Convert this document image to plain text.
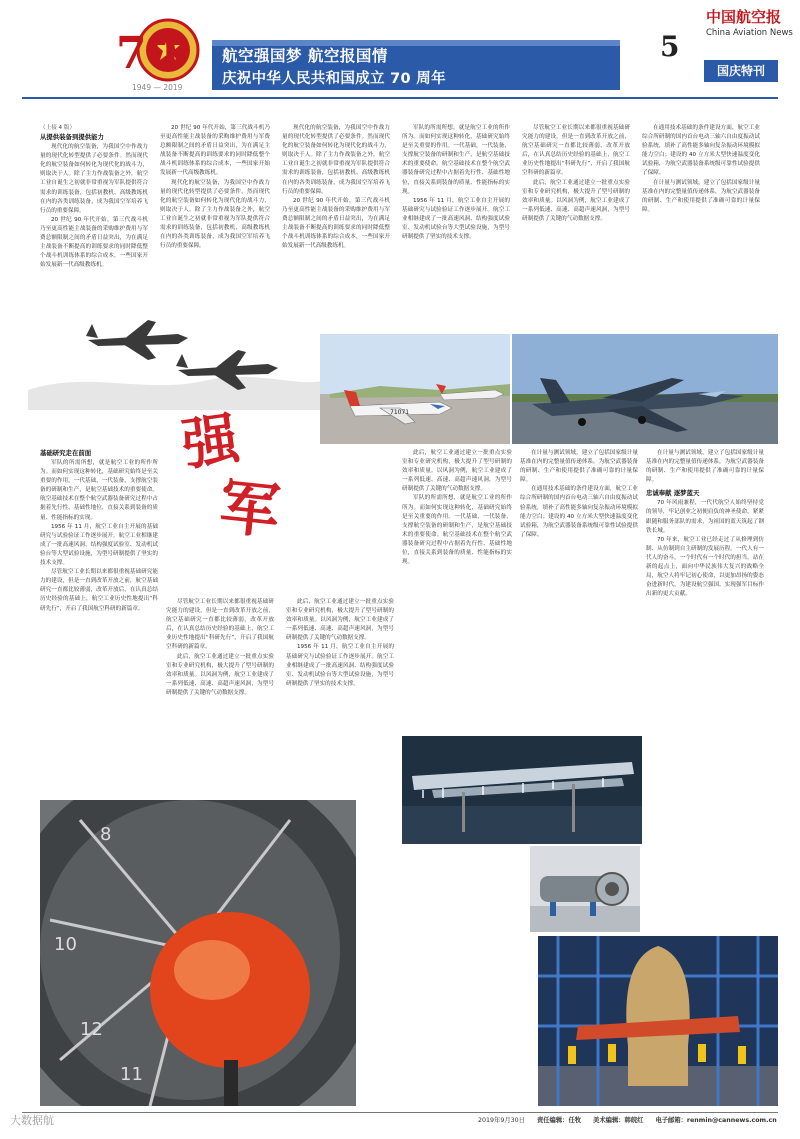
70
1949 — 2019
航空强国梦 航空报国情
庆祝中华人民共和国成立 70 周年
5
中国航空报
China Aviation News
国庆特刊
（上接 4 版）
从提供装备到提供能力

现代化的航空装备，为我国空中作战力量的现代化转型提供了必要条件。然而现代化的航空装备如何转化为现代化的战斗力，则取决于人。除了主力作战装备之外，航空工业自诞生之初就非常重视为军队提供符合需求的训练装备，包括初教机、高级教练机在内的各类训练装备，成为我国空军培养飞行员的重要保障。

20 世纪 90 年代开始，第三代战斗机乃至更高性能主战装备的采购维护费用与军费总额限制之间的矛盾日益突出，为在满足主战装备不断提高的训练要求的同时降低整个战斗机训练体系的综合成本，一些国家开始发展新一代高级教练机。

20 世纪 90 年代开始，第三代战斗机乃至更高性能主战装备的采购维护费用与军费总额限制之间的矛盾日益突出，为在满足主战装备不断提高的训练要求的同时降低整个战斗机训练体系的综合成本，一些国家开始发展新一代高级教练机。

现代化的航空装备，为我国空中作战力量的现代化转型提供了必要条件。然而现代化的航空装备如何转化为现代化的战斗力，则取决于人。除了主力作战装备之外，航空工业自诞生之初就非常重视为军队提供符合需求的训练装备，包括初教机、高级教练机在内的各类训练装备，成为我国空军培养飞行员的重要保障。

现代化的航空装备，为我国空中作战力量的现代化转型提供了必要条件。然而现代化的航空装备如何转化为现代化的战斗力，则取决于人。除了主力作战装备之外，航空工业自诞生之初就非常重视为军队提供符合需求的训练装备，包括初教机、高级教练机在内的各类训练装备，成为我国空军培养飞行员的重要保障。

20 世纪 90 年代开始，第三代战斗机乃至更高性能主战装备的采购维护费用与军费总额限制之间的矛盾日益突出，为在满足主战装备不断提高的训练要求的同时降低整个战斗机训练体系的综合成本，一些国家开始发展新一代高级教练机。

军队的所需所想，就是航空工业的所作所为。而如何实现这种转化，基础研究始终是至关重要的作用。一代基础，一代装备，支撑航空装备的研制和生产，是航空基础技术的重要使命。航空基础技术在整个航空武器装备研究过程中占据着先行性、基础性地位，直接关系到装备的质量、性能指标的实现。

1956 年 11 月，航空工业自主开展的基础研究与试验验证工作逐步展开。航空工业相继建成了一批高速风洞、结构强度试验室、发动机试验台等大型试验设施，为型号研制提供了坚实的技术支撑。

尽管航空工业长期以来都很重视基础研究能力的建设，但是一直到改革开放之前，航空基础研究一直都比较薄弱，改革开放后，在认真总结历史经验的基础上，航空工业历史性地提出“科研先行”，开启了我国航空科研的新篇章。

此后，航空工业通过建立一批重点实验室和专业研究机构，极大提升了型号研制的效率和质量。以风洞为例，航空工业建成了一系列低速、高速、高超声速风洞，为型号研制提供了关键的气动数据支撑。

在通用技术基础的条件建设方面，航空工业综合所研制的国内首台电动三轴六自由度振动试验系统，填补了高性能多轴向复杂振动环境模拟能力空白；建设的 40 立方米大型快速温度变化试验箱，为航空武器装备系统级可靠性试验提供了保障。

在计量与测试领域，建立了包括国家级计量基准在内的完整量值传递体系，为航空武器装备的研制、生产和使用提供了准确可靠的计量保障。

71071
强
军
基础研究走在前面

军队的所需所想，就是航空工业的所作所为。而如何实现这种转化，基础研究始终是至关重要的作用。一代基础，一代装备，支撑航空装备的研制和生产，是航空基础技术的重要使命。航空基础技术在整个航空武器装备研究过程中占据着先行性、基础性地位，直接关系到装备的质量、性能指标的实现。

1956 年 11 月，航空工业自主开展的基础研究与试验验证工作逐步展开。航空工业相继建成了一批高速风洞、结构强度试验室、发动机试验台等大型试验设施，为型号研制提供了坚实的技术支撑。

尽管航空工业长期以来都很重视基础研究能力的建设，但是一直到改革开放之前，航空基础研究一直都比较薄弱，改革开放后，在认真总结历史经验的基础上，航空工业历史性地提出“科研先行”，开启了我国航空科研的新篇章。

尽管航空工业长期以来都很重视基础研究能力的建设，但是一直到改革开放之前，航空基础研究一直都比较薄弱，改革开放后，在认真总结历史经验的基础上，航空工业历史性地提出“科研先行”，开启了我国航空科研的新篇章。

此后，航空工业通过建立一批重点实验室和专业研究机构，极大提升了型号研制的效率和质量。以风洞为例，航空工业建成了一系列低速、高速、高超声速风洞，为型号研制提供了关键的气动数据支撑。

此后，航空工业通过建立一批重点实验室和专业研究机构，极大提升了型号研制的效率和质量。以风洞为例，航空工业建成了一系列低速、高速、高超声速风洞，为型号研制提供了关键的气动数据支撑。

1956 年 11 月，航空工业自主开展的基础研究与试验验证工作逐步展开。航空工业相继建成了一批高速风洞、结构强度试验室、发动机试验台等大型试验设施，为型号研制提供了坚实的技术支撑。

此后，航空工业通过建立一批重点实验室和专业研究机构，极大提升了型号研制的效率和质量。以风洞为例，航空工业建成了一系列低速、高速、高超声速风洞，为型号研制提供了关键的气动数据支撑。

军队的所需所想，就是航空工业的所作所为。而如何实现这种转化，基础研究始终是至关重要的作用。一代基础，一代装备，支撑航空装备的研制和生产，是航空基础技术的重要使命。航空基础技术在整个航空武器装备研究过程中占据着先行性、基础性地位，直接关系到装备的质量、性能指标的实现。

在计量与测试领域，建立了包括国家级计量基准在内的完整量值传递体系，为航空武器装备的研制、生产和使用提供了准确可靠的计量保障。

在通用技术基础的条件建设方面，航空工业综合所研制的国内首台电动三轴六自由度振动试验系统，填补了高性能多轴向复杂振动环境模拟能力空白；建设的 40 立方米大型快速温度变化试验箱，为航空武器装备系统级可靠性试验提供了保障。

在计量与测试领域，建立了包括国家级计量基准在内的完整量值传递体系，为航空武器装备的研制、生产和使用提供了准确可靠的计量保障。

忠诚奉献 逐梦蓝天

70 年风雨兼程，一代代航空人始终坚持党的领导，牢记创业之初便肩负的神圣使命，紧紧跟随和服务部队的需求，为祖国的蓝天筑起了钢铁长城。

70 年来，航空工业已经走过了从修理到仿制、从仿制到自主研制的发展历程。一代人有一代人的奋斗，一个时代有一个时代的担当。站在新的起点上，面向中华民族伟大复兴的战略全局，航空人将牢记初心使命，以更加昂扬的姿态奋进新时代，为建设航空强国、实现强军目标作出新的更大贡献。

8
10
12
11
大数据航	2019年9月30日 责任编辑：任牧 美术编辑：韩皖红 电子邮箱：renmin@cannews.com.cn
